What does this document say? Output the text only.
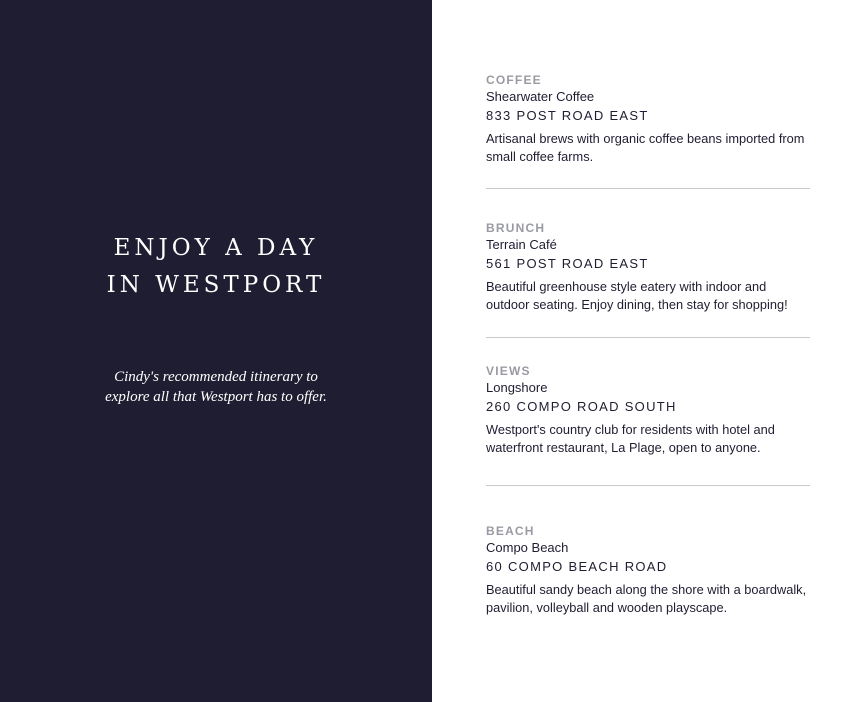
ENJOY A DAY
IN WESTPORT

Cindy's recommended itinerary to
explore all that Westport has to offer.

COFFEE
Shearwater Coffee
833 POST ROAD EAST
Artisanal brews with organic coffee beans imported from small coffee farms.
BRUNCH
Terrain Café
561 POST ROAD EAST
Beautiful greenhouse style eatery with indoor and outdoor seating. Enjoy dining, then stay for shopping!
VIEWS
Longshore
260 COMPO ROAD SOUTH
Westport's country club for residents with hotel and waterfront restaurant, La Plage, open to anyone.
BEACH
Compo Beach
60 COMPO BEACH ROAD
Beautiful sandy beach along the shore with a boardwalk, pavilion, volleyball and wooden playscape.
